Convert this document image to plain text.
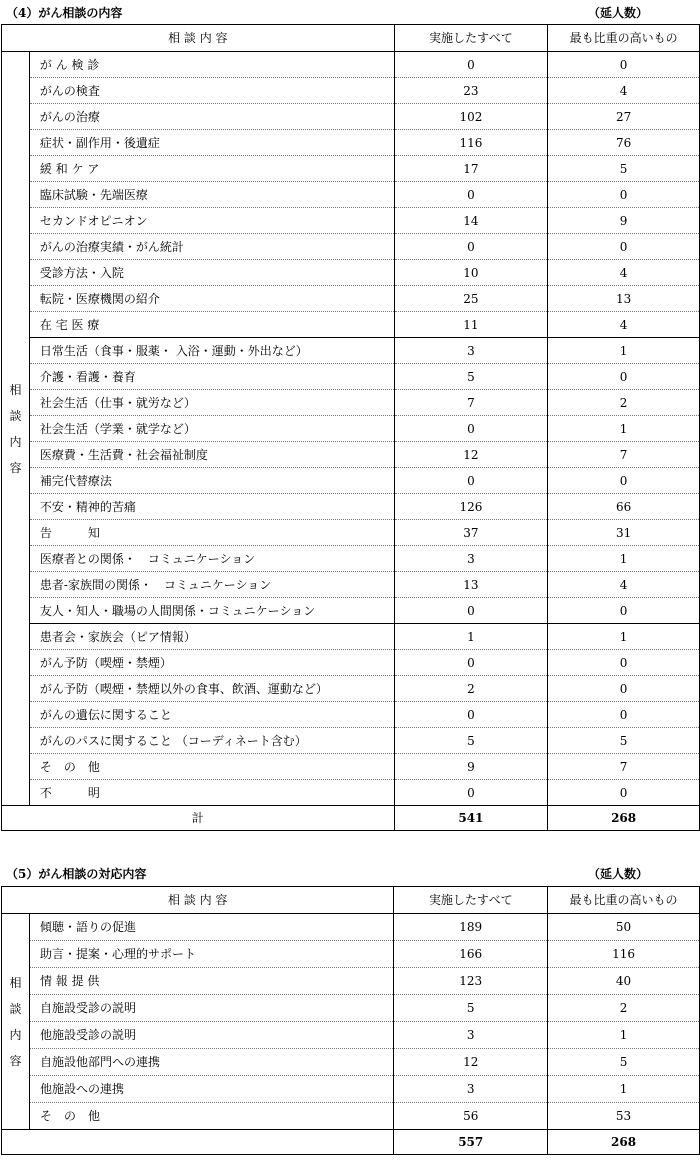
（4）がん相談の内容	（延人数）
相 談 内 容		実施したすべて	最も比重の高いもの

相
談
内
容	が ん 検 診	0	0
	がんの検査	23	4
	がんの治療	102	27
	症状・副作用・後遺症	116	76
	緩 和 ケ ア	17	5
	臨床試験・先端医療	0	0
	セカンドオピニオン	14	9
	がんの治療実績・がん統計	0	0
	受診方法・入院	10	4
	転院・医療機関の紹介	25	13
	在 宅 医 療	11	4
	日常生活（食事・服薬・ 入浴・運動・外出など）	3	1
	介護・看護・養育	5	0
	社会生活（仕事・就労など）	7	2
	社会生活（学業・就学など）	0	1
	医療費・生活費・社会福祉制度	12	7
	補完代替療法	0	0
	不安・精神的苦痛	126	66
	告　　　知	37	31
	医療者との関係・　コミュニケーション	3	1
	患者-家族間の関係・　コミュニケーション	13	4
	友人・知人・職場の人間関係・コミュニケーション	0	0
	患者会・家族会（ピア情報）	1	1
	がん予防（喫煙・禁煙）	0	0
	がん予防（喫煙・禁煙以外の食事、飲酒、運動など）	2	0
	がんの遺伝に関すること	0	0
	がんのパスに関すること （コーディネート含む）	5	5
	そ　の　他	9	7
	不　　　明	0	0
計		541	268
（5）がん相談の対応内容	（延人数）
相 談 内 容		実施したすべて	最も比重の高いもの

相
談
内
容	傾聴・語りの促進	189	50
	助言・提案・心理的サポート	166	116
	情 報 提 供	123	40
	自施設受診の説明	5	2
	他施設受診の説明	3	1
	自施設他部門への連携	12	5
	他施設への連携	3	1
	そ　の　他	56	53
		557	268
